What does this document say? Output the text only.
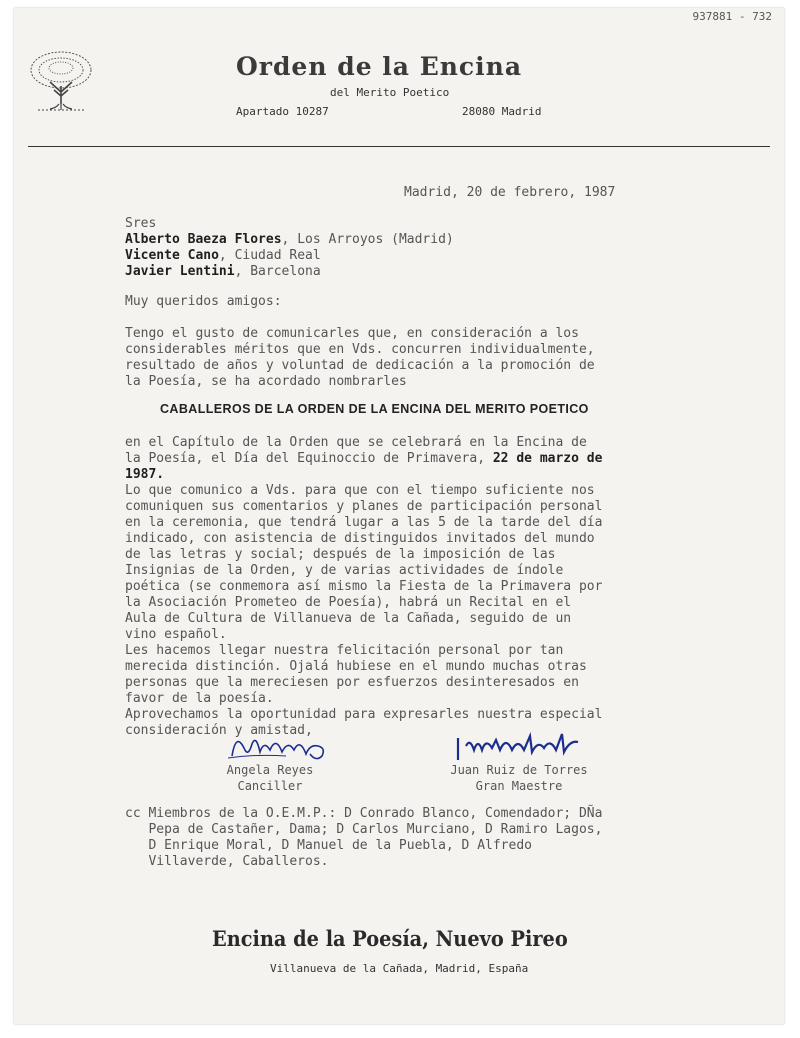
937881 - 732
Orden de la Encina
del Merito Poetico
Apartado 10287	28080 Madrid
Madrid, 20 de febrero, 1987
Sres
Alberto Baeza Flores, Los Arroyos (Madrid)
Vicente Cano, Ciudad Real
Javier Lentini, Barcelona
Muy queridos amigos:
Tengo el gusto de comunicarles que, en consideración a los
considerables méritos que en Vds. concurren individualmente,
resultado de años y voluntad de dedicación a la promoción de
la Poesía, se ha acordado nombrarles
CABALLEROS DE LA ORDEN DE LA ENCINA DEL MERITO POETICO
en el Capítulo de la Orden que se celebrará en la Encina de
la Poesía, el Día del Equinoccio de Primavera, 22 de marzo de
1987.
Lo que comunico a Vds. para que con el tiempo suficiente nos
comuniquen sus comentarios y planes de participación personal
en la ceremonia, que tendrá lugar a las 5 de la tarde del día
indicado, con asistencia de distinguidos invitados del mundo
de las letras y social; después de la imposición de las
Insignias de la Orden, y de varias actividades de índole
poética (se conmemora así mismo la Fiesta de la Primavera por
la Asociación Prometeo de Poesía), habrá un Recital en el
Aula de Cultura de Villanueva de la Cañada, seguido de un
vino español.
Les hacemos llegar nuestra felicitación personal por tan
merecida distinción. Ojalá hubiese en el mundo muchas otras
personas que la mereciesen por esfuerzos desinteresados en
favor de la poesía.
Aprovechamos la oportunidad para expresarles nuestra especial
consideración y amistad,
Angela Reyes
Canciller
Juan Ruiz de Torres
Gran Maestre
cc Miembros de la O.E.M.P.: D Conrado Blanco, Comendador; DÑa
Pepa de Castañer, Dama; D Carlos Murciano, D Ramiro Lagos,
D Enrique Moral, D Manuel de la Puebla, D Alfredo
Villaverde, Caballeros.
Encina de la Poesía, Nuevo Pireo
Villanueva de la Cañada, Madrid, España
